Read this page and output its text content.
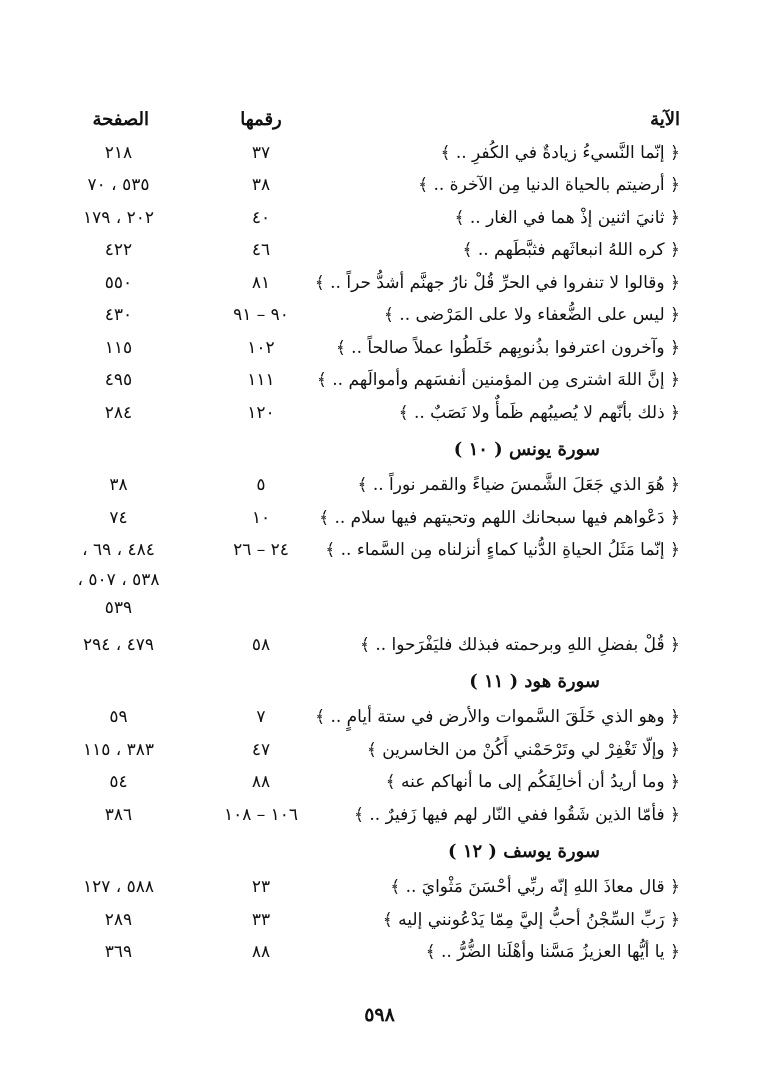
الآية
رقمها
الصفحة
﴿ إنّما النَّسيءُ زيادةٌ في الكُفرِ .. ﴾
٣٧
٢١٨
﴿ أرضيتم بالحياة الدنيا مِن الآخرة .. ﴾
٣٨
٥٣٥ ، ٧٠
﴿ ثانيَ اثنين إذْ هما في الغار .. ﴾
٤٠
٢٠٢ ، ١٧٩
﴿ كره اللهُ انبعاثَهم فثبَّطَهم .. ﴾
٤٦
٤٢٢
﴿ وقالوا لا تنفروا في الحرِّ قُلْ نارُ جهنَّم أشدُّ حراً .. ﴾
٨١
٥٥٠
﴿ ليس على الضُّعفاء ولا على المَرْضى .. ﴾
٩٠ – ٩١
٤٣٠
﴿ وآخرون اعترفوا بذُنوبِهم خَلَطُوا عملاً صالحاً .. ﴾
١٠٢
١١٥
﴿ إنَّ اللهَ اشترى مِن المؤمنين أنفسَهم وأموالَهم .. ﴾
١١١
٤٩٥
﴿ ذلك بأنّهم لا يُصيبُهم ظَمأٌ ولا نَصَبٌ .. ﴾
١٢٠
٢٨٤
سورة يونس ( ١٠ )
﴿ هُوَ الذي جَعَلَ الشَّمسَ ضياءً والقمر نوراً .. ﴾
٥
٣٨
﴿ دَعْواهم فيها سبحانك اللهم وتحيتهم فيها سلام .. ﴾
١٠
٧٤
﴿ إنّما مَثَلُ الحياةِ الدُّنيا كماءٍ أنزلناه مِن السَّماء .. ﴾
٢٤ – ٢٦
٤٨٤ ، ٦٩ ،
٥٣٨ ، ٥٠٧ ،
٥٣٩
﴿ قُلْ بفضلِ اللهِ وبرحمته فبذلك فليَفْرَحوا .. ﴾
٥٨
٤٧٩ ، ٢٩٤
سورة هود ( ١١ )
﴿ وهو الذي خَلَقَ السَّموات والأرض في ستة أيامٍ .. ﴾
٧
٥٩
﴿ وإلّا تَغْفِرْ لي وتَرْحَمْني أَكُنْ من الخاسرين ﴾
٤٧
٣٨٣ ، ١١٥
﴿ وما أريدُ أن أخالِفَكُم إلى ما أنهاكم عنه ﴾
٨٨
٥٤
﴿ فأمّا الذين شَقُوا ففي النّار لهم فيها زَفيرٌ .. ﴾
١٠٦ – ١٠٨
٣٨٦
سورة يوسف ( ١٢ )
﴿ قال معاذَ اللهِ إنّه ربِّي أحْسَنَ مَثْوايَ .. ﴾
٢٣
٥٨٨ ، ١٢٧
﴿ رَبِّ السِّجْنُ أحبُّ إليَّ مِمّا يَدْعُونني إليه ﴾
٣٣
٢٨٩
﴿ يا أيُّها العزيزُ مَسَّنا وأهْلَنا الضُّرُّ .. ﴾
٨٨
٣٦٩
٥٩٨
